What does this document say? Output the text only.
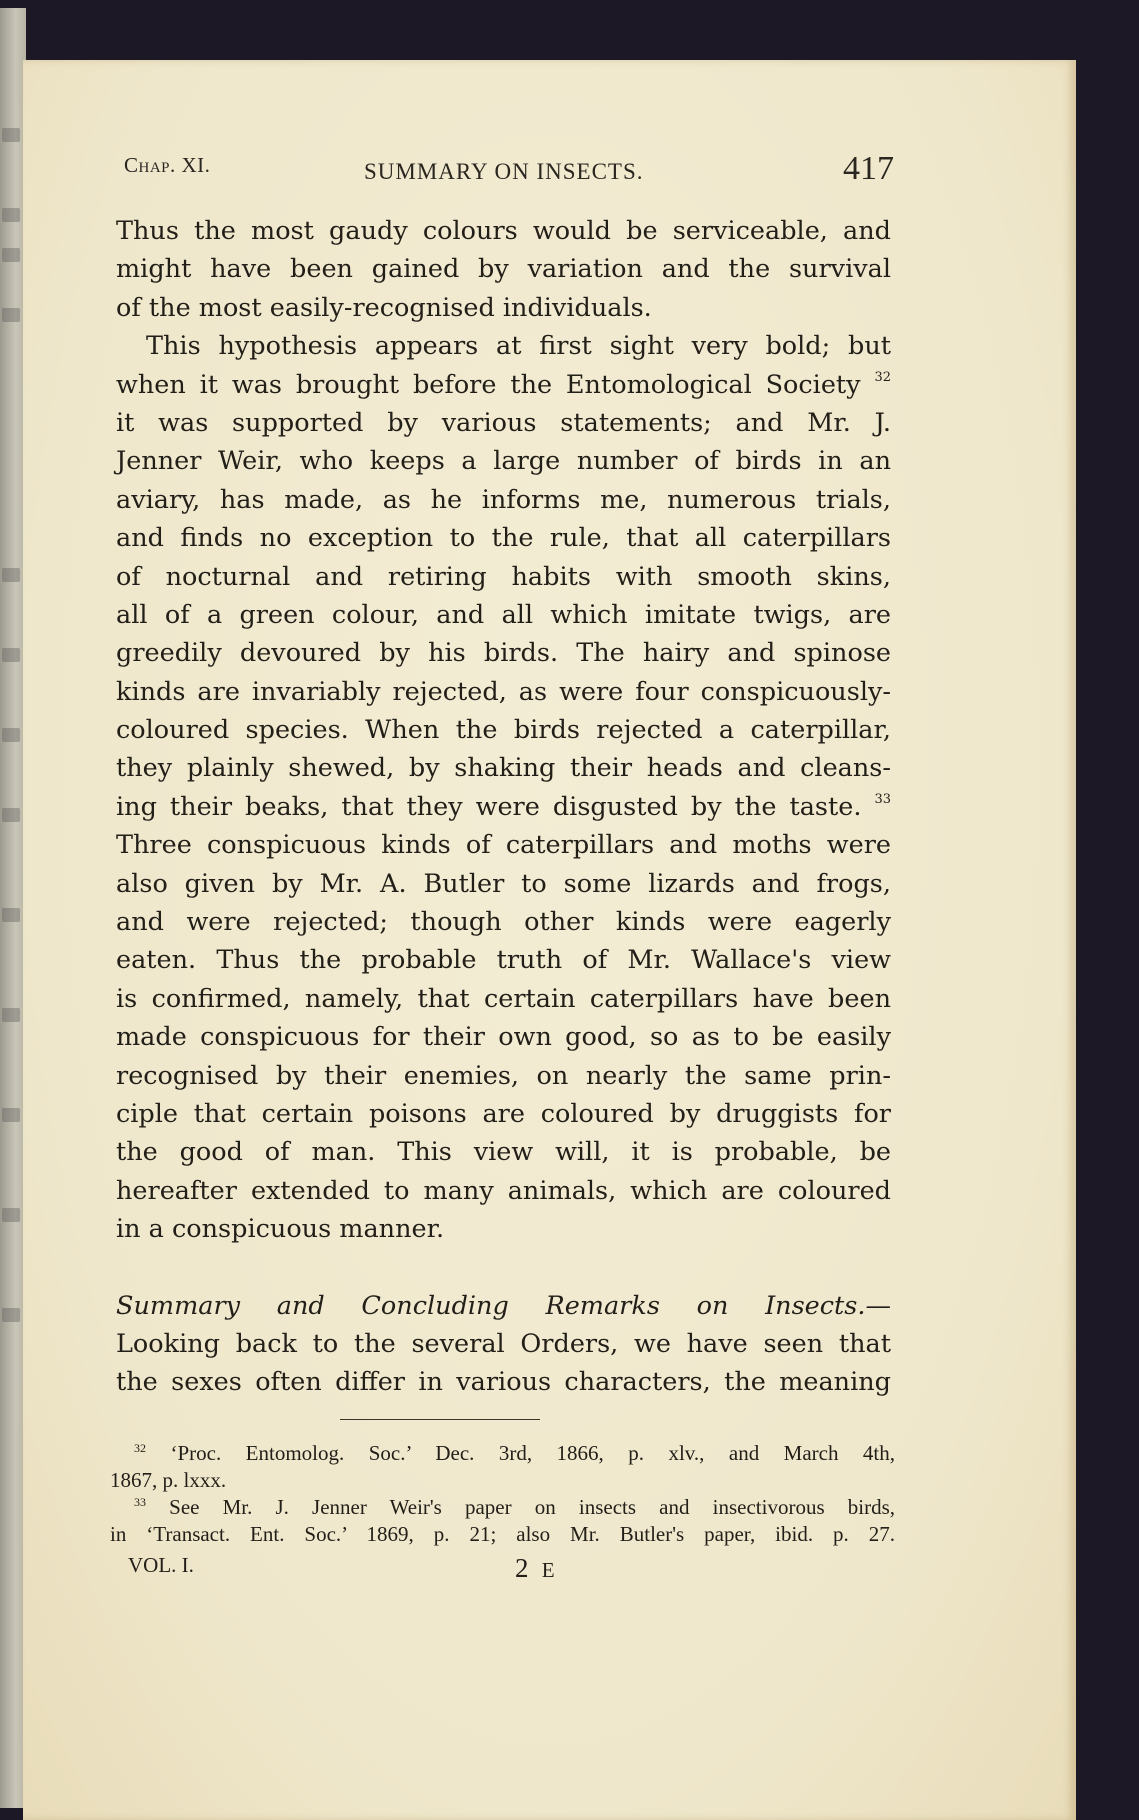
Chap. XI.	SUMMARY ON INSECTS.	417
Thus the most gaudy colours would be serviceable, and
might have been gained by variation and the survival
of the most easily-recognised individuals.
This hypothesis appears at first sight very bold; but
when it was brought before the Entomological Society $^{32}$
it was supported by various statements; and Mr. J.
Jenner Weir, who keeps a large number of birds in an
aviary, has made, as he informs me, numerous trials,
and finds no exception to the rule, that all caterpillars
of nocturnal and retiring habits with smooth skins,
all of a green colour, and all which imitate twigs, are
greedily devoured by his birds. The hairy and spinose
kinds are invariably rejected, as were four conspicuously-
coloured species. When the birds rejected a caterpillar,
they plainly shewed, by shaking their heads and cleans-
ing their beaks, that they were disgusted by the taste. $^{33}$
Three conspicuous kinds of caterpillars and moths were
also given by Mr. A. Butler to some lizards and frogs,
and were rejected; though other kinds were eagerly
eaten. Thus the probable truth of Mr. Wallace's view
is confirmed, namely, that certain caterpillars have been
made conspicuous for their own good, so as to be easily
recognised by their enemies, on nearly the same prin-
ciple that certain poisons are coloured by druggists for
the good of man. This view will, it is probable, be
hereafter extended to many animals, which are coloured
in a conspicuous manner.
Summary and Concluding Remarks on Insects.—
Looking back to the several Orders, we have seen that
the sexes often differ in various characters, the meaning
$^{32}$ ‘Proc. Entomolog. Soc.’ Dec. 3rd, 1866, p. xlv., and March 4th,
1867, p. lxxx.
$^{33}$ See Mr. J. Jenner Weir's paper on insects and insectivorous birds,
in ‘Transact. Ent. Soc.’ 1869, p. 21; also Mr. Butler's paper, ibid. p. 27.
VOL. I.	2 E
